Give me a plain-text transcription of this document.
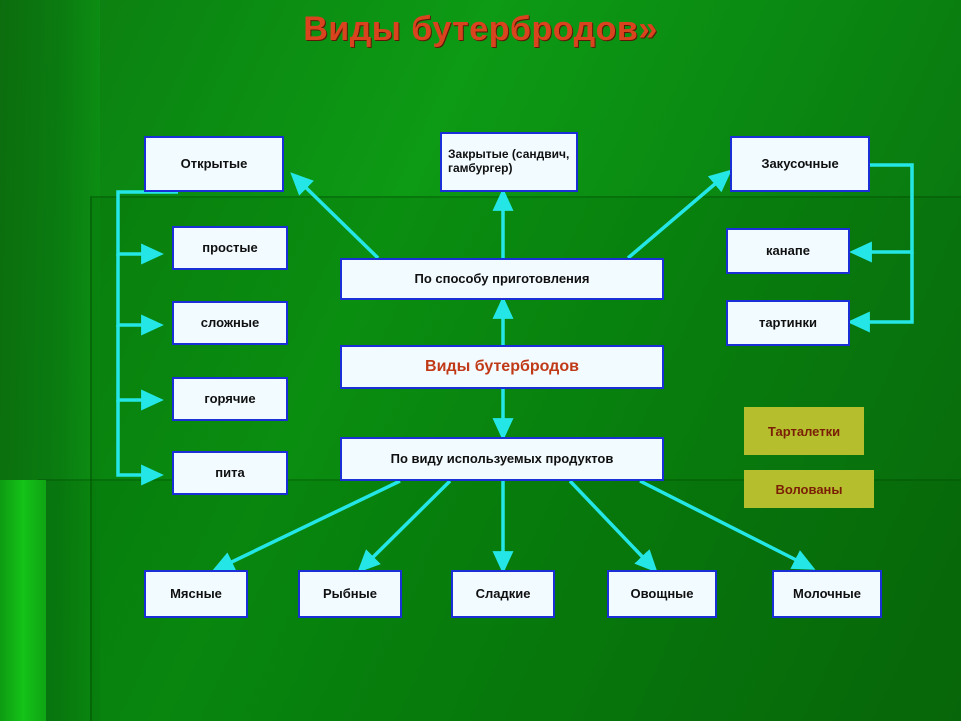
Виды бутербродов»
Открытые
Закрытые (сандвич, гамбургер)	Закусочные
простые
сложные
горячие
пита
канапе
тартинки
По способу приготовления
Виды бутербродов
По виду используемых продуктов
Мясные	Рыбные	Сладкие	Овощные	Молочные
Тарталетки
Волованы
